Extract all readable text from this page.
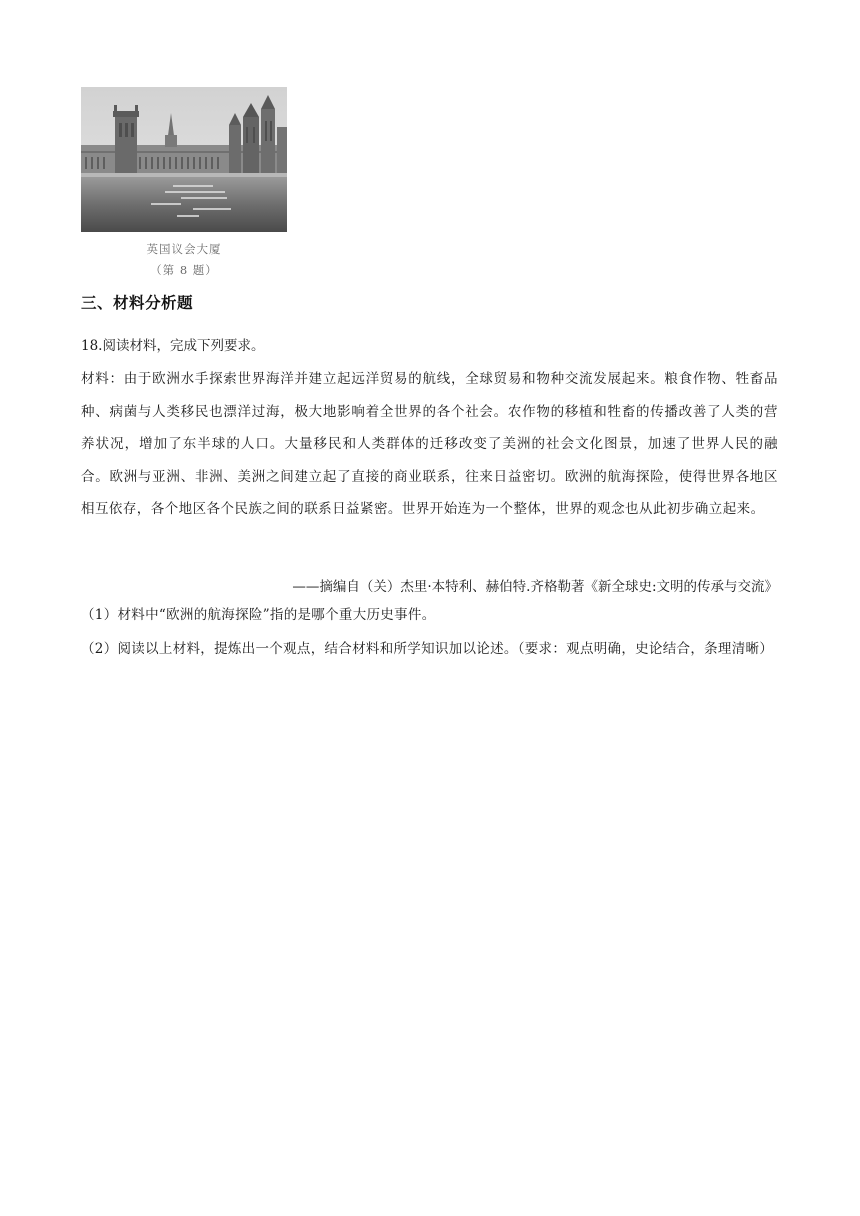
英国议会大厦
（第 8 题）
三、材料分析题
18.阅读材料，完成下列要求。

材料：由于欧洲水手探索世界海洋并建立起远洋贸易的航线，全球贸易和物种交流发展起来。粮食作物、牲畜品种、病菌与人类移民也漂洋过海，极大地影响着全世界的各个社会。农作物的移植和牲畜的传播改善了人类的营养状况，增加了东半球的人口。大量移民和人类群体的迁移改变了美洲的社会文化图景，加速了世界人民的融合。欧洲与亚洲、非洲、美洲之间建立起了直接的商业联系，往来日益密切。欧洲的航海探险，使得世界各地区相互依存，各个地区各个民族之间的联系日益紧密。世界开始连为一个整体，世界的观念也从此初步确立起来。

——摘编自（关）杰里·本特利、赫伯特.齐格勒著《新全球史:文明的传承与交流》

（1）材料中“欧洲的航海探险”指的是哪个重大历史事件。

（2）阅读以上材料，提炼出一个观点，结合材料和所学知识加以论述。（要求：观点明确，史论结合，条理清晰）
